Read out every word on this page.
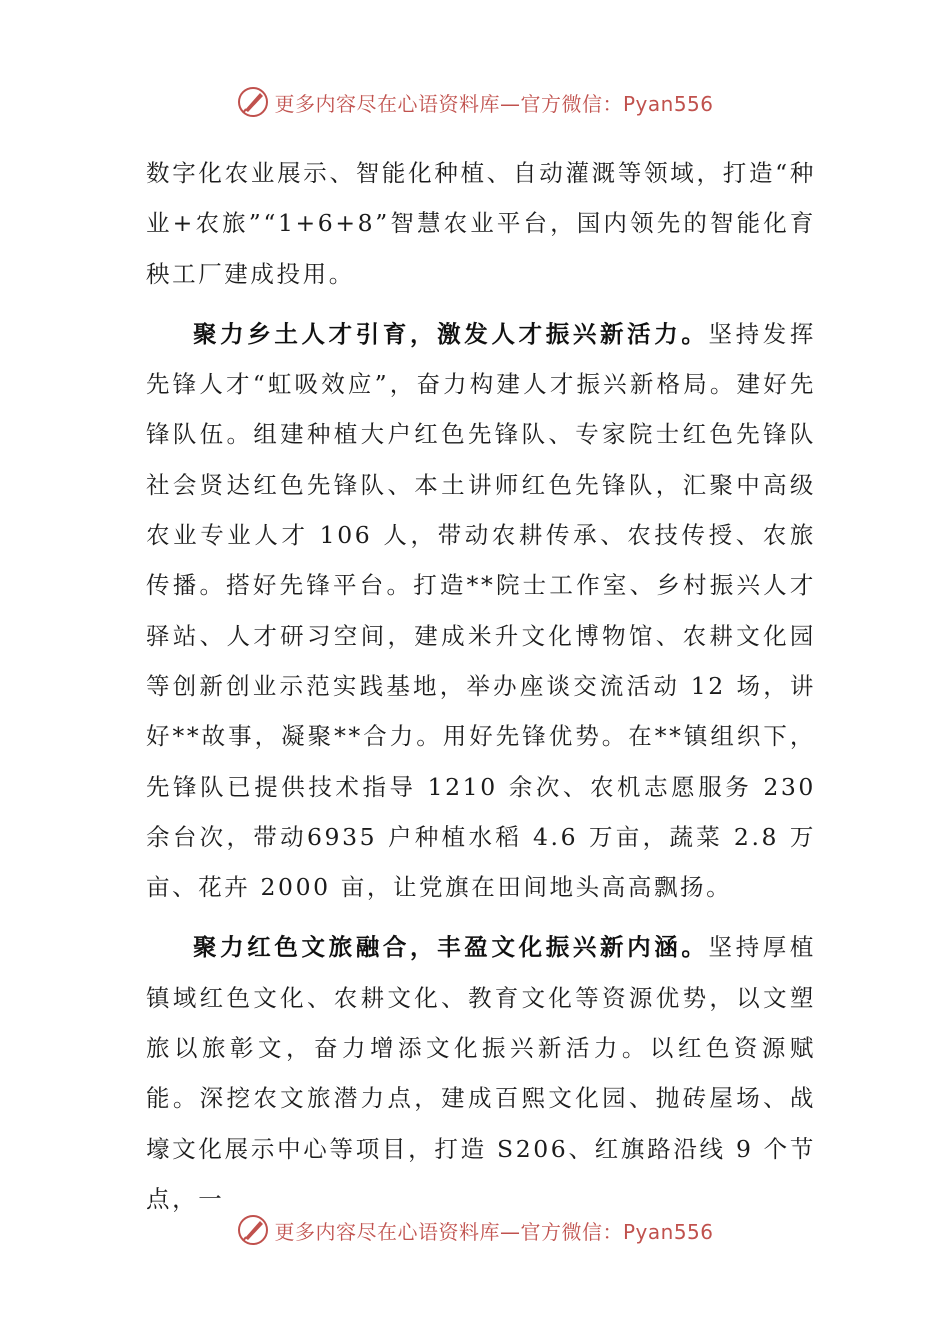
更多内容尽在心语资料库—官方微信：Pyan556

数字化农业展示、智能化种植、自动灌溉等领域，打造“种业+农旅”“1+6+8”智慧农业平台，国内领先的智能化育秧工厂建成投用。

聚力乡土人才引育，激发人才振兴新活力。坚持发挥先锋人才“虹吸效应”，奋力构建人才振兴新格局。建好先锋队伍。组建种植大户红色先锋队、专家院士红色先锋队社会贤达红色先锋队、本土讲师红色先锋队，汇聚中高级农业专业人才 106 人，带动农耕传承、农技传授、农旅传播。搭好先锋平台。打造**院士工作室、乡村振兴人才驿站、人才研习空间，建成米升文化博物馆、农耕文化园等创新创业示范实践基地，举办座谈交流活动 12 场，讲好**故事，凝聚**合力。用好先锋优势。在**镇组织下，先锋队已提供技术指导 1210 余次、农机志愿服务 230 余台次，带动6935 户种植水稻 4.6 万亩，蔬菜 2.8 万亩、花卉 2000 亩，让党旗在田间地头高高飘扬。

聚力红色文旅融合，丰盈文化振兴新内涵。坚持厚植镇域红色文化、农耕文化、教育文化等资源优势，以文塑旅以旅彰文，奋力增添文化振兴新活力。以红色资源赋能。深挖农文旅潜力点，建成百熙文化园、抛砖屋场、战壕文化展示中心等项目，打造 S206、红旗路沿线 9 个节点，一

更多内容尽在心语资料库—官方微信：Pyan556
